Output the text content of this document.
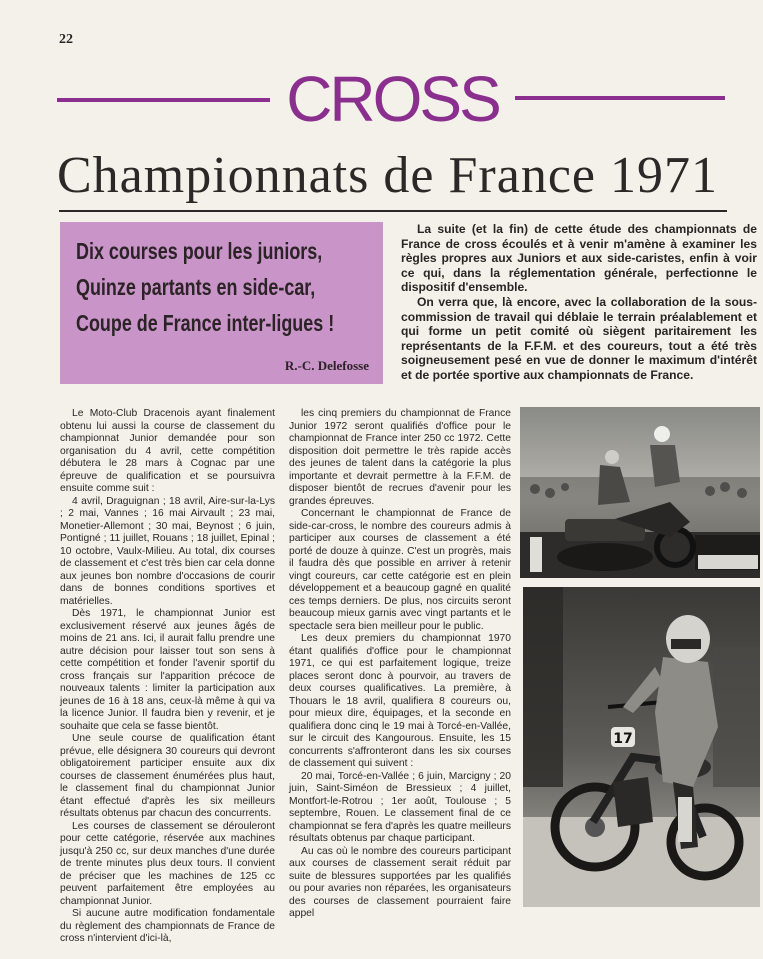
22
CROSS
Championnats de France 1971
Dix courses pour les juniors,
Quinze partants en side-car,
Coupe de France inter-ligues !
R.-C. Delefosse

La suite (et la fin) de cette étude des championnats de France de cross écoulés et à venir m'amène à examiner les règles propres aux Juniors et aux side-caristes, enfin à voir ce qui, dans la réglementation générale, perfectionne le dispositif d'ensemble.

On verra que, là encore, avec la collaboration de la sous-commission de travail qui déblaie le terrain préalablement et qui forme un petit comité où siègent paritairement les représentants de la F.F.M. et des coureurs, tout a été très soigneusement pesé en vue de donner le maximum d'intérêt et de portée sportive aux championnats de France.

Le Moto-Club Dracenois ayant finalement obtenu lui aussi la course de classement du championnat Junior demandée pour son organisation du 4 avril, cette compétition débutera le 28 mars à Cognac par une épreuve de qualification et se poursuivra ensuite comme suit :

4 avril, Draguignan ; 18 avril, Aire-sur-la-Lys ; 2 mai, Vannes ; 16 mai Airvault ; 23 mai, Monetier-Allemont ; 30 mai, Beynost ; 6 juin, Pontigné ; 11 juillet, Rouans ; 18 juillet, Epinal ; 10 octobre, Vaulx-Milieu. Au total, dix courses de classement et c'est très bien car cela donne aux jeunes bon nombre d'occasions de courir dans de bonnes conditions sportives et matérielles.

Dès 1971, le championnat Junior est exclusivement réservé aux jeunes âgés de moins de 21 ans. Ici, il aurait fallu prendre une autre décision pour laisser tout son sens à cette compétition et fonder l'avenir sportif du cross français sur l'apparition précoce de nouveaux talents : limiter la participation aux jeunes de 16 à 18 ans, ceux-là même à qui va la licence Junior. Il faudra bien y revenir, et je souhaite que cela se fasse bientôt.

Une seule course de qualification étant prévue, elle désignera 30 coureurs qui devront obligatoirement participer ensuite aux dix courses de classement énumérées plus haut, le classement final du championnat Junior étant effectué d'après les six meilleurs résultats obtenus par chacun des concurrents.

Les courses de classement se dérouleront pour cette catégorie, réservée aux machines jusqu'à 250 cc, sur deux manches d'une durée de trente minutes plus deux tours. Il convient de préciser que les machines de 125 cc peuvent parfaitement être employées au championnat Junior.

Si aucune autre modification fondamentale du règlement des championnats de France de cross n'intervient d'ici-là,

les cinq premiers du championnat de France Junior 1972 seront qualifiés d'office pour le championnat de France inter 250 cc 1972. Cette disposition doit permettre le très rapide accès des jeunes de talent dans la catégorie la plus importante et devrait permettre à la F.F.M. de disposer bientôt de recrues d'avenir pour les grandes épreuves.

Concernant le championnat de France de side-car-cross, le nombre des coureurs admis à participer aux courses de classement a été porté de douze à quinze. C'est un progrès, mais il faudra dès que possible en arriver à retenir vingt coureurs, car cette catégorie est en plein développement et a beaucoup gagné en qualité ces temps derniers. De plus, nos circuits seront beaucoup mieux garnis avec vingt partants et le spectacle sera bien meilleur pour le public.

Les deux premiers du championnat 1970 étant qualifiés d'office pour le championnat 1971, ce qui est parfaitement logique, treize places seront donc à pourvoir, au travers de deux courses qualificatives. La première, à Thouars le 18 avril, qualifiera 8 coureurs ou, pour mieux dire, équipages, et la seconde en qualifiera donc cinq le 19 mai à Torcé-en-Vallée, sur le circuit des Kangourous. Ensuite, les 15 concurrents s'affronteront dans les six courses de classement qui suivent :

20 mai, Torcé-en-Vallée ; 6 juin, Marcigny ; 20 juin, Saint-Siméon de Bressieux ; 4 juillet, Montfort-le-Rotrou ; 1er août, Toulouse ; 5 septembre, Rouen. Le classement final de ce championnat se fera d'après les quatre meilleurs résultats obtenus par chaque participant.

Au cas où le nombre des coureurs participant aux courses de classement serait réduit par suite de blessures supportées par les qualifiés ou pour avaries non réparées, les organisateurs des courses de classement pourraient faire appel

17
